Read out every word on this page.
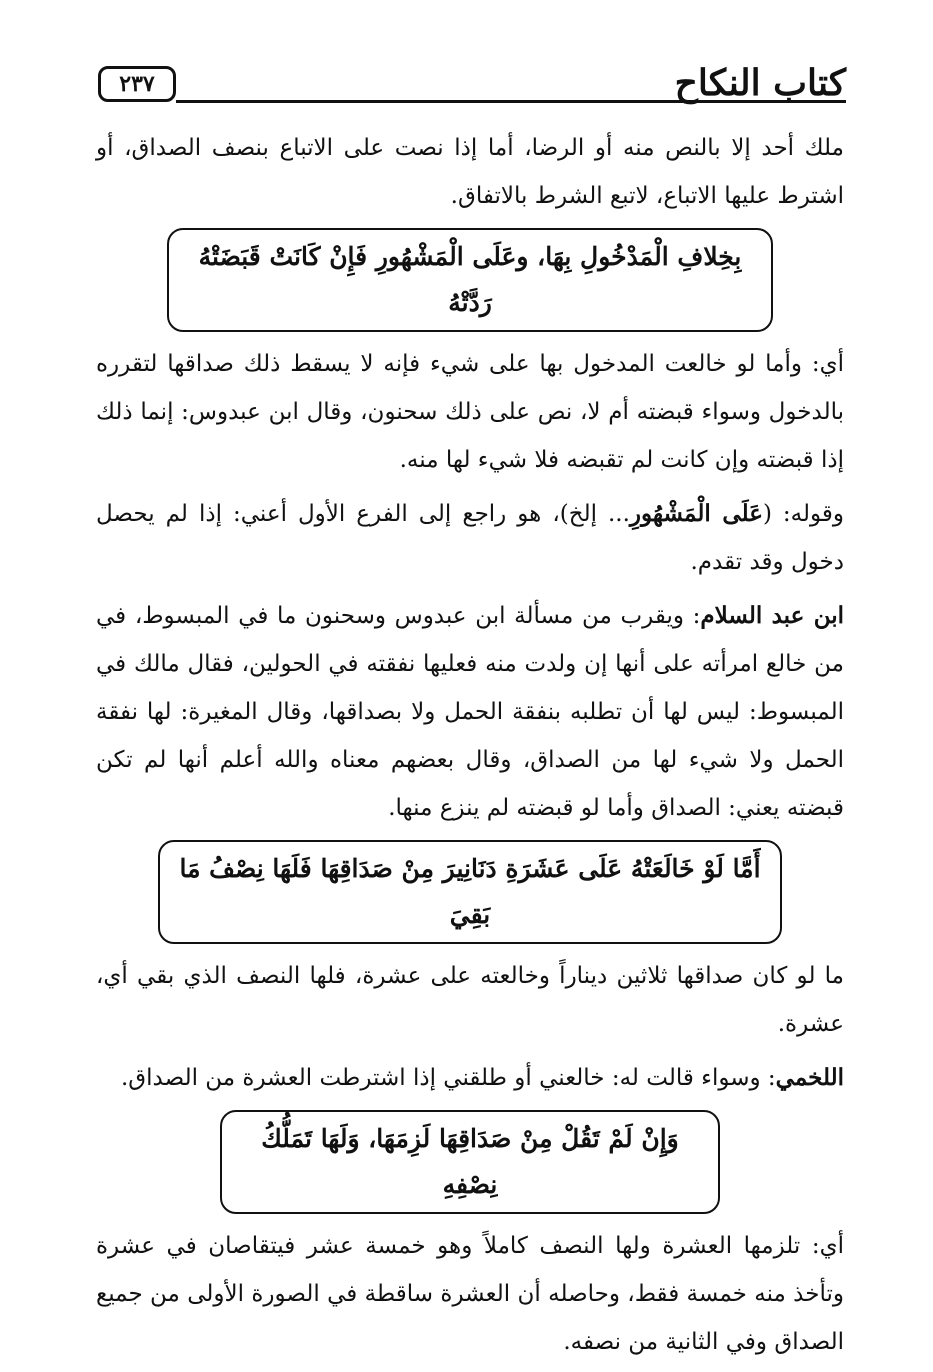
٢٣٧	كتاب النكاح

ملك أحد إلا بالنص منه أو الرضا، أما إذا نصت على الاتباع بنصف الصداق، أو اشترط عليها الاتباع، لاتبع الشرط بالاتفاق.

بِخِلافِ الْمَدْخُولِ بِهَا، وعَلَى الْمَشْهُورِ فَإِنْ كَانَتْ قَبَضَتْهُ رَدَّتْهُ

أي: وأما لو خالعت المدخول بها على شيء فإنه لا يسقط ذلك صداقها لتقرره بالدخول وسواء قبضته أم لا، نص على ذلك سحنون، وقال ابن عبدوس: إنما ذلك إذا قبضته وإن كانت لم تقبضه فلا شيء لها منه.

وقوله: (عَلَى الْمَشْهُورِ... إلخ)، هو راجع إلى الفرع الأول أعني: إذا لم يحصل دخول وقد تقدم.

ابن عبد السلام: ويقرب من مسألة ابن عبدوس وسحنون ما في المبسوط، في من خالع امرأته على أنها إن ولدت منه فعليها نفقته في الحولين، فقال مالك في المبسوط: ليس لها أن تطلبه بنفقة الحمل ولا بصداقها، وقال المغيرة: لها نفقة الحمل ولا شيء لها من الصداق، وقال بعضهم معناه والله أعلم أنها لم تكن قبضته يعني: الصداق وأما لو قبضته لم ينزع منها.

أَمَّا لَوْ خَالَعَتْهُ عَلَى عَشَرَةِ دَنَانِيرَ مِنْ صَدَاقِهَا فَلَهَا نِصْفُ مَا بَقِيَ

ما لو كان صداقها ثلاثين ديناراً وخالعته على عشرة، فلها النصف الذي بقي أي، عشرة.

اللخمي: وسواء قالت له: خالعني أو طلقني إذا اشترطت العشرة من الصداق.

وَإِنْ لَمْ تَقُلْ مِنْ صَدَاقِهَا لَزِمَهَا، وَلَهَا تَمَلُّكُ نِصْفِهِ

أي: تلزمها العشرة ولها النصف كاملاً وهو خمسة عشر فيتقاصان في عشرة وتأخذ منه خمسة فقط، وحاصله أن العشرة ساقطة في الصورة الأولى من جميع الصداق وفي الثانية من نصفه.
